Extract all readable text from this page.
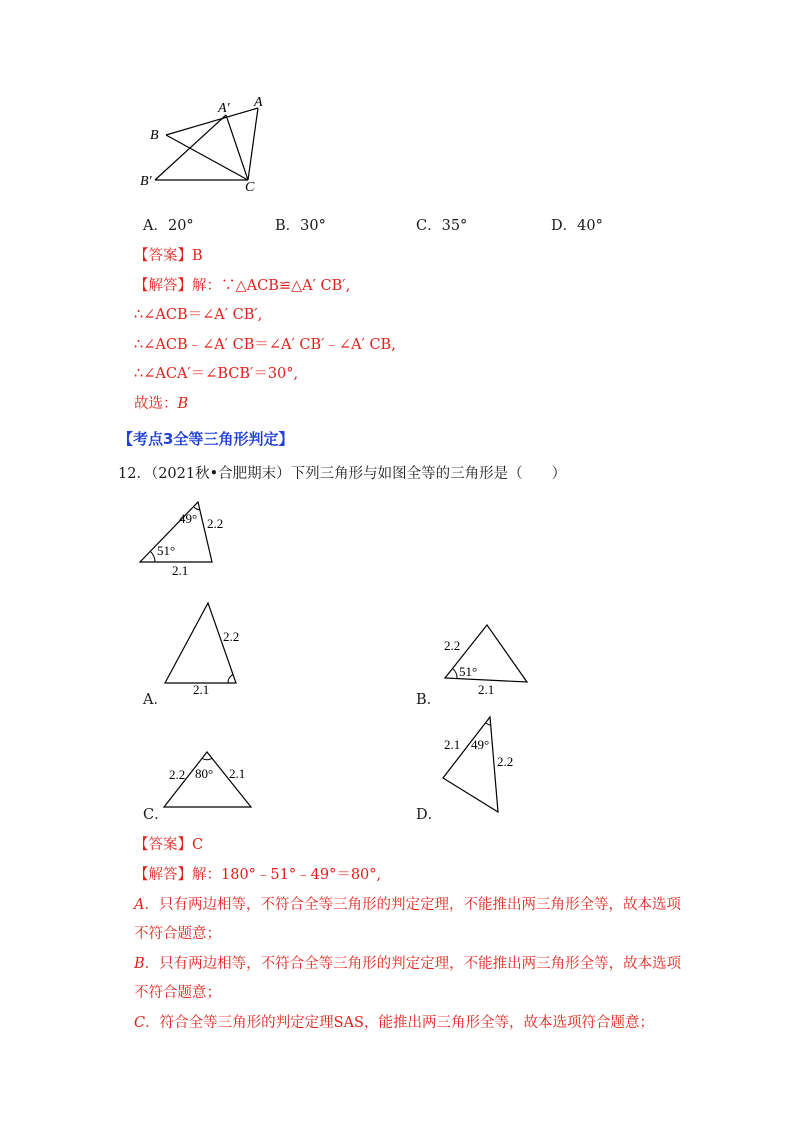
A′ A
B
B′	C
A．20°	B．30°	C．35°	D．40°
【答案】B
【解答】解：∵△ACB≌△A′ CB′,
∴∠ACB＝∠A′ CB′,
∴∠ACB﹣∠A′ CB＝∠A′ CB′﹣∠A′ CB,
∴∠ACA′＝∠BCB′＝30°,
故选：B
【考点3全等三角形判定】
12．（2021秋•合肥期末）下列三角形与如图全等的三角形是（　　）
49°
51°
2.2
2.1
2.2
2.1
A．
2.2
51°
2.1
B．
2.2 80° 2.1
C．
2.1 49°
2.2
D．
【答案】C
【解答】解：180°﹣51°﹣49°＝80°,
A．只有两边相等，不符合全等三角形的判定定理，不能推出两三角形全等，故本选项
不符合题意；
B．只有两边相等，不符合全等三角形的判定定理，不能推出两三角形全等，故本选项
不符合题意；
C．符合全等三角形的判定定理SAS，能推出两三角形全等，故本选项符合题意；
